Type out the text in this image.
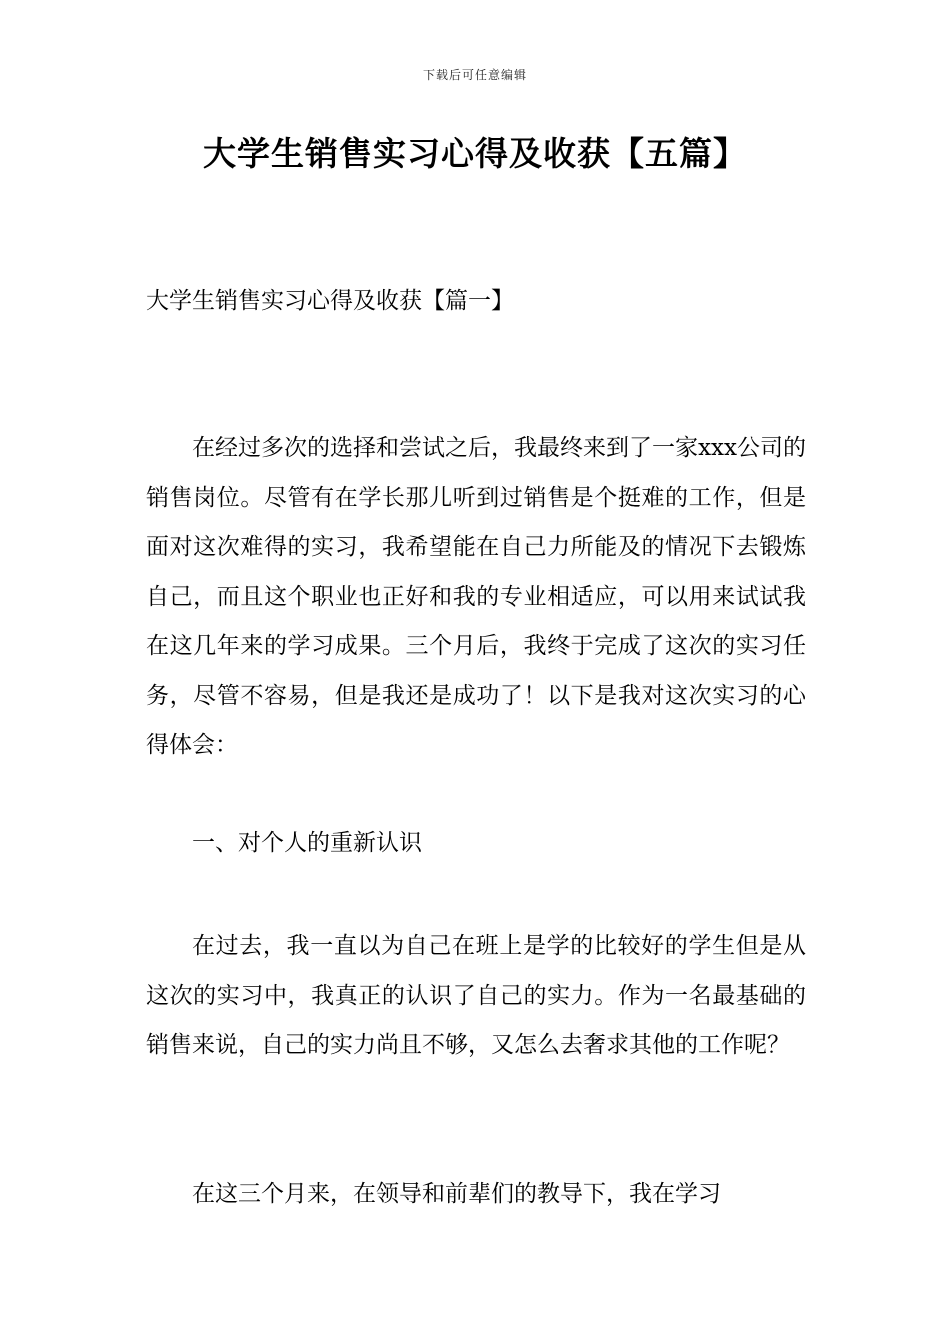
下载后可任意编辑
大学生销售实习心得及收获【五篇】
大学生销售实习心得及收获【篇一】

在经过多次的选择和尝试之后，我最终来到了一家xxx公司的销售岗位。尽管有在学长那儿听到过销售是个挺难的工作，但是面对这次难得的实习，我希望能在自己力所能及的情况下去锻炼自己，而且这个职业也正好和我的专业相适应，可以用来试试我在这几年来的学习成果。三个月后，我终于完成了这次的实习任务，尽管不容易，但是我还是成功了！以下是我对这次实习的心得体会：

一、对个人的重新认识

在过去，我一直以为自己在班上是学的比较好的学生但是从这次的实习中，我真正的认识了自己的实力。作为一名最基础的销售来说，自己的实力尚且不够，又怎么去奢求其他的工作呢？

在这三个月来，在领导和前辈们的教导下，我在学习
